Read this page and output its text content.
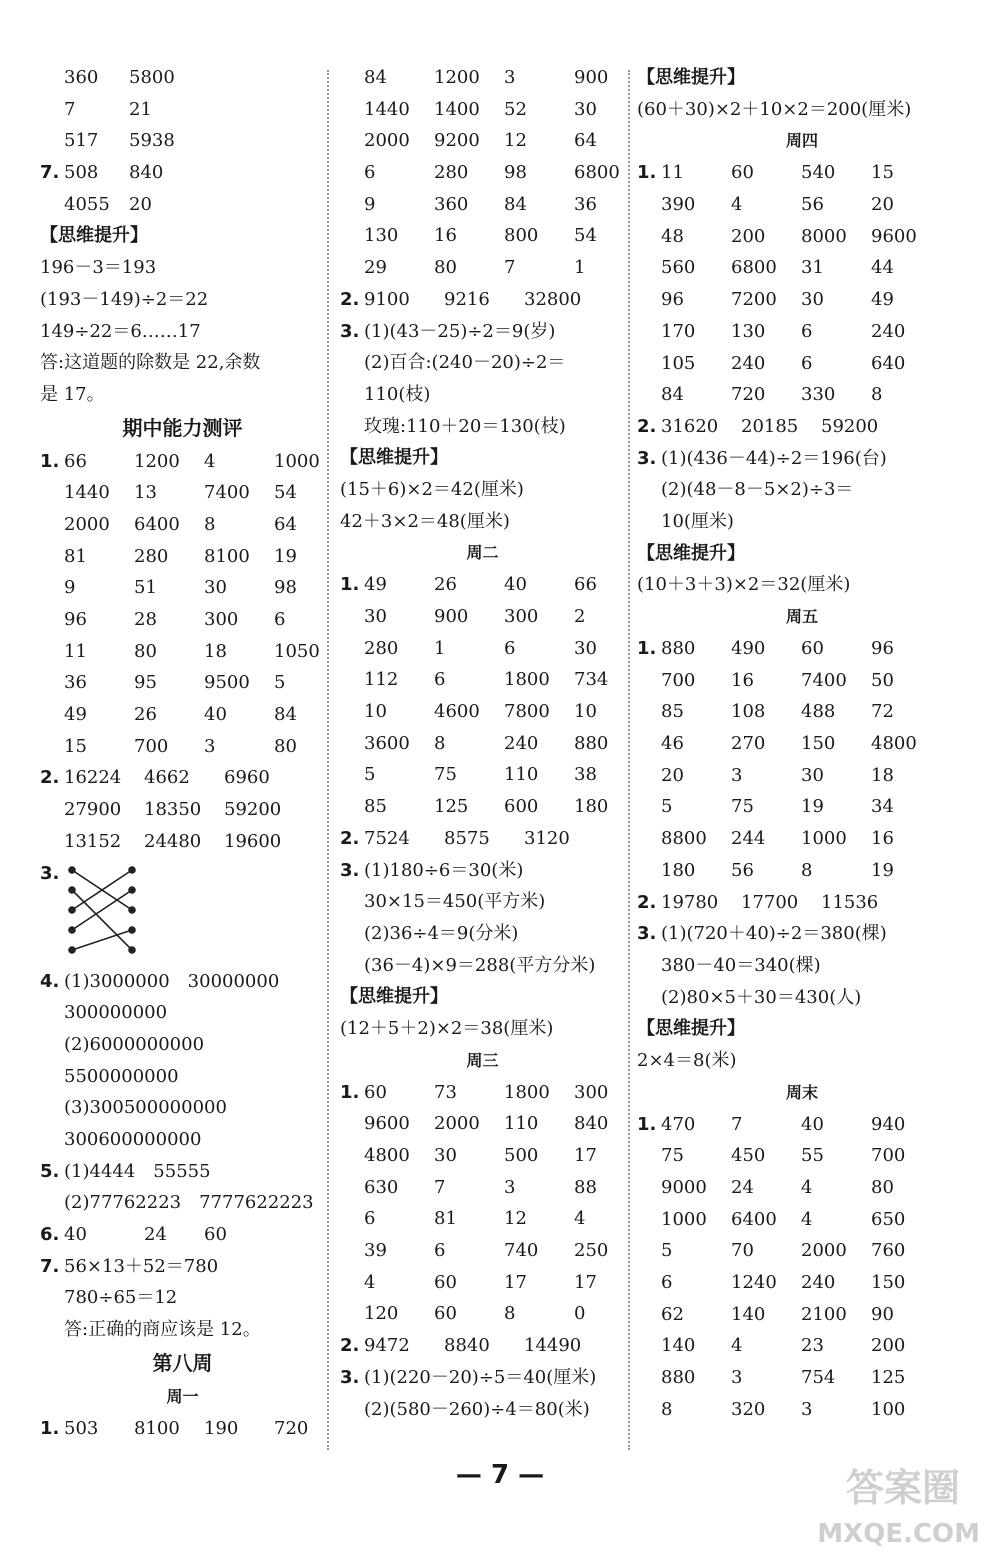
360 5800
7	21
517 5938
7. 508 840
4055 20
【思维提升】
196－3＝193
(193－149)÷2＝22
149÷22＝6……17
答:这道题的除数是 22,余数
是 17。
期中能力测评
1. 66	1200 4	1000
1440 13	7400 54
2000 6400 8	64
81	280 8100 19
9	51	30	98
96	28	300 6
11	80	18	1050
36	95	9500 5
49	26	40	84
15	700 3	80
2. 16224 4662 6960
27900 18350 59200
13152 24480 19600
3.
4. (1)3000000　30000000
300000000
(2)6000000000
5500000000
(3)300500000000
300600000000
5. (1)4444　55555
(2)77762223　7777622223
6. 40	24 60
7. 56×13＋52＝780
780÷65＝12
答:正确的商应该是 12。
第八周
周一
1. 503 8100 190 720
84	1200 3	900
1440 1400 52	30
2000 9200 12	64
6	280 98	6800
9	360 84	36
130 16	800 54
29	80	7	1
2. 9100 9216 32800
3. (1)(43－25)÷2＝9(岁)
(2)百合:(240－20)÷2＝
110(枝)
玫瑰:110＋20＝130(枝)
【思维提升】
(15＋6)×2＝42(厘米)
42＋3×2＝48(厘米)
周二
1. 49	26	40	66
30	900 300 2
280 1	6	30
112 6	1800 734
10	4600 7800 10
3600 8	240 880
5	75	110 38
85	125 600 180
2. 7524 8575 3120
3. (1)180÷6＝30(米)
30×15＝450(平方米)
(2)36÷4＝9(分米)
(36－4)×9＝288(平方分米)
【思维提升】
(12＋5＋2)×2＝38(厘米)
周三
1. 60	73	1800 300
9600 2000 110 840
4800 30	500 17
630 7	3	88
6	81	12	4
39	6	740 250
4	60	17	17
120 60	8	0
2. 9472 8840 14490
3. (1)(220－20)÷5＝40(厘米)
(2)(580－260)÷4＝80(米)
【思维提升】
(60＋30)×2＋10×2＝200(厘米)
周四
1. 11	60	540 15
390 4	56	20
48	200 8000 9600
560 6800 31	44
96	7200 30	49
170 130 6	240
105 240 6	640
84	720 330 8
2. 31620 20185 59200
3. (1)(436－44)÷2＝196(台)
(2)(48－8－5×2)÷3＝
10(厘米)
【思维提升】
(10＋3＋3)×2＝32(厘米)
周五
1. 880 490 60	96
700 16	7400 50
85	108 488 72
46	270 150 4800
20	3	30	18
5	75	19	34
8800 244 1000 16
180 56	8	19
2. 19780 17700 11536
3. (1)(720＋40)÷2＝380(棵)
380－40＝340(棵)
(2)80×5＋30＝430(人)
【思维提升】
2×4＝8(米)
周末
1. 470 7	40	940
75	450 55	700
9000 24	4	80
1000 6400 4	650
5	70	2000 760
6	1240 240 150
62	140 2100 90
140 4	23	200
880 3	754 125
8	320 3	100
— 7 —	答案圈
MXQE.COM
